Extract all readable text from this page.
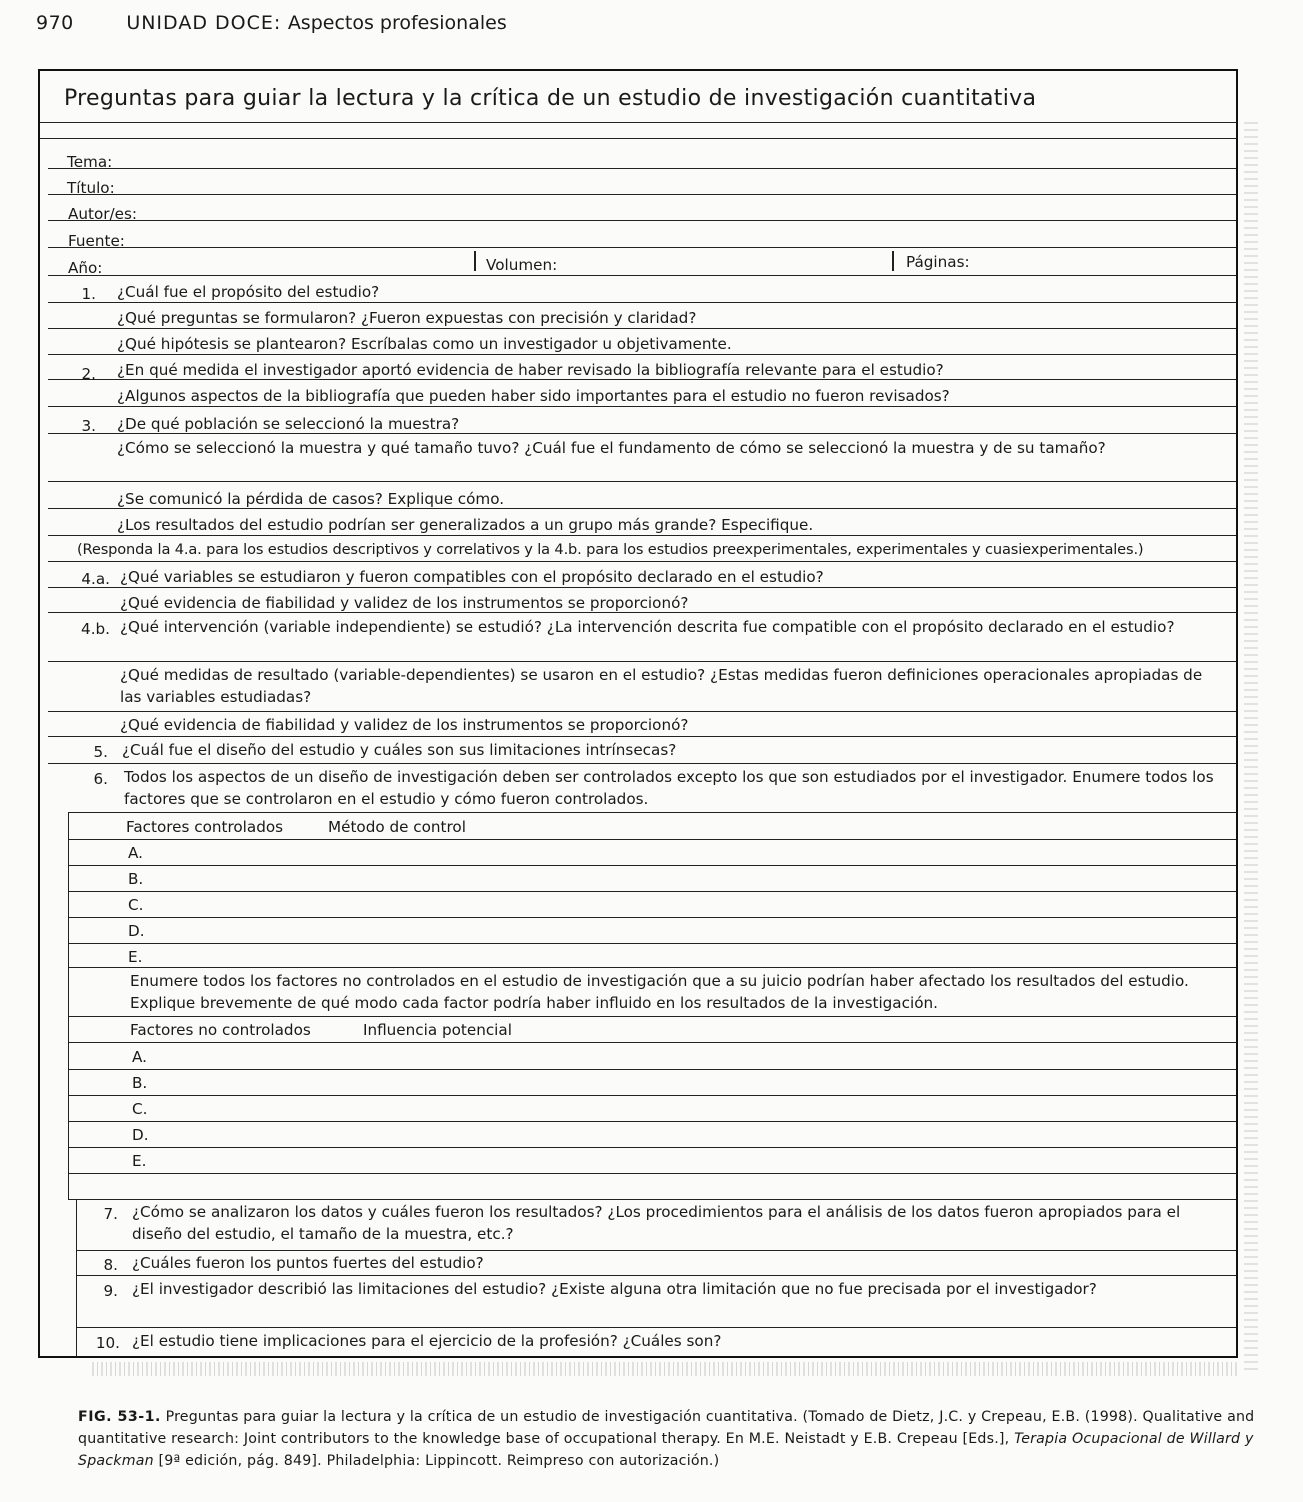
970	UNIDAD DOCE: Aspectos profesionales
Preguntas para guiar la lectura y la crítica de un estudio de investigación cuantitativa
Tema:
Título:
Autor/es:
Fuente:
Año:	Volumen:	Páginas:
1. ¿Cuál fue el propósito del estudio?
¿Qué preguntas se formularon? ¿Fueron expuestas con precisión y claridad?
¿Qué hipótesis se plantearon? Escríbalas como un investigador u objetivamente.
2. ¿En qué medida el investigador aportó evidencia de haber revisado la bibliografía relevante para el estudio?
¿Algunos aspectos de la bibliografía que pueden haber sido importantes para el estudio no fueron revisados?
3. ¿De qué población se seleccionó la muestra?
¿Cómo se seleccionó la muestra y qué tamaño tuvo? ¿Cuál fue el fundamento de cómo se seleccionó la muestra y de su tamaño?
¿Se comunicó la pérdida de casos? Explique cómo.
¿Los resultados del estudio podrían ser generalizados a un grupo más grande? Especifique.
(Responda la 4.a. para los estudios descriptivos y correlativos y la 4.b. para los estudios preexperimentales, experimentales y cuasiexperimentales.)
4.a. ¿Qué variables se estudiaron y fueron compatibles con el propósito declarado en el estudio?
¿Qué evidencia de fiabilidad y validez de los instrumentos se proporcionó?
4.b. ¿Qué intervención (variable independiente) se estudió? ¿La intervención descrita fue compatible con el propósito declarado en el estudio?
¿Qué medidas de resultado (variable-dependientes) se usaron en el estudio? ¿Estas medidas fueron definiciones operacionales apropiadas de las variables estudiadas?
¿Qué evidencia de fiabilidad y validez de los instrumentos se proporcionó?
5. ¿Cuál fue el diseño del estudio y cuáles son sus limitaciones intrínsecas?
6. Todos los aspectos de un diseño de investigación deben ser controlados excepto los que son estudiados por el investigador. Enumere todos los factores que se controlaron en el estudio y cómo fueron controlados.
Factores controlados	Método de control
A.
B.
C.
D.
E.
Enumere todos los factores no controlados en el estudio de investigación que a su juicio podrían haber afectado los resultados del estudio. Explique brevemente de qué modo cada factor podría haber influido en los resultados de la investigación.
Factores no controlados	Influencia potencial
A.
B.
C.
D.
E.
7. ¿Cómo se analizaron los datos y cuáles fueron los resultados? ¿Los procedimientos para el análisis de los datos fueron apropiados para el diseño del estudio, el tamaño de la muestra, etc.?
8. ¿Cuáles fueron los puntos fuertes del estudio?
9. ¿El investigador describió las limitaciones del estudio? ¿Existe alguna otra limitación que no fue precisada por el investigador?
10. ¿El estudio tiene implicaciones para el ejercicio de la profesión? ¿Cuáles son?
FIG. 53-1. Preguntas para guiar la lectura y la crítica de un estudio de investigación cuantitativa. (Tomado de Dietz, J.C. y Crepeau, E.B. (1998). Qualitative and quantitative research: Joint contributors to the knowledge base of occupational therapy. En M.E. Neistadt y E.B. Crepeau [Eds.], Terapia Ocupacional de Willard y Spackman [9ª edición, pág. 849]. Philadelphia: Lippincott. Reimpreso con autorización.)
